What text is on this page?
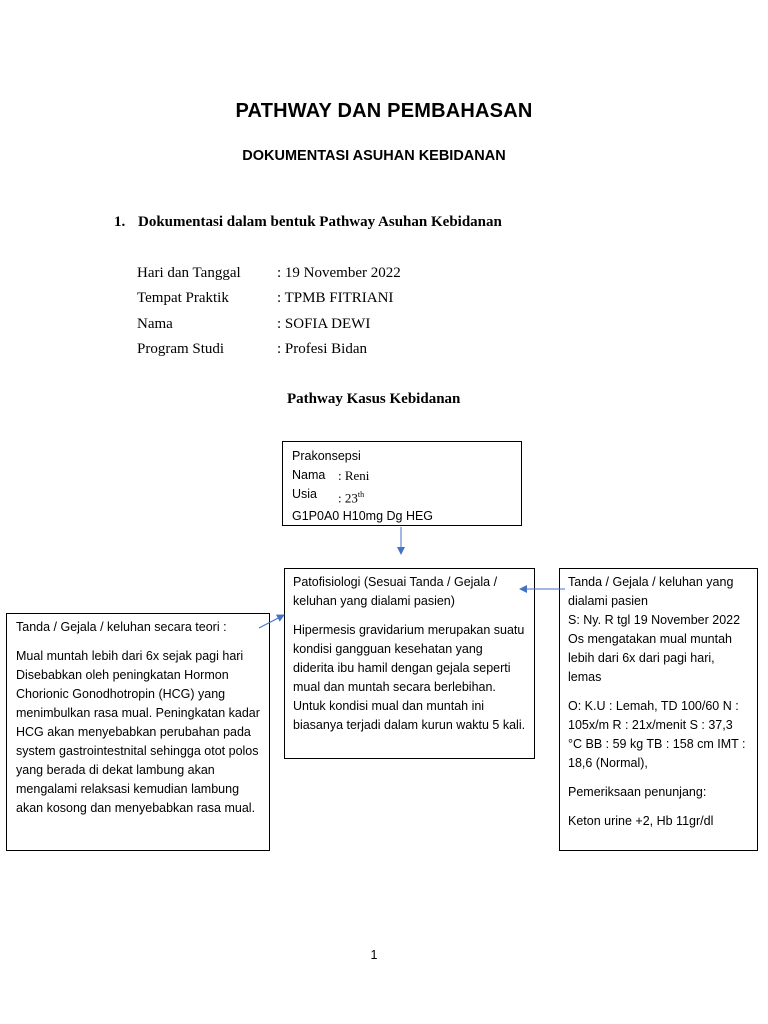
PATHWAY DAN PEMBAHASAN
DOKUMENTASI ASUHAN KEBIDANAN
1. Dokumentasi dalam bentuk Pathway Asuhan Kebidanan
Hari dan Tanggal : 19 November 2022
Tempat Praktik	: TPMB FITRIANI
Nama	: SOFIA DEWI
Program Studi	: Profesi Bidan
Pathway Kasus Kebidanan

Prakonsepsi

Nama : Reni
Usia	: 23th

G1P0A0 H10mg Dg HEG

Patofisiologi (Sesuai Tanda / Gejala / keluhan yang dialami pasien)

Hipermesis gravidarium merupakan suatu kondisi gangguan kesehatan yang diderita ibu hamil dengan gejala seperti mual dan muntah secara berlebihan. Untuk kondisi mual dan muntah ini biasanya terjadi dalam kurun waktu 5 kali.

Tanda / Gejala / keluhan secara teori :

Mual muntah lebih dari 6x sejak pagi hari Disebabkan oleh peningkatan Hormon Chorionic Gonodhotropin (HCG) yang menimbulkan rasa mual. Peningkatan kadar HCG akan menyebabkan perubahan pada system gastrointestnital sehingga otot polos yang berada di dekat lambung akan mengalami relaksasi kemudian lambung akan kosong dan menyebabkan rasa mual.

Tanda / Gejala / keluhan yang dialami pasien

S: Ny. R tgl 19 November 2022 Os mengatakan mual muntah lebih dari 6x dari pagi hari, lemas

O: K.U : Lemah, TD 100/60 N : 105x/m R : 21x/menit S : 37,3 °C BB : 59 kg TB : 158 cm IMT : 18,6 (Normal),

Pemeriksaan penunjang:

Keton urine +2, Hb 11gr/dl

1
